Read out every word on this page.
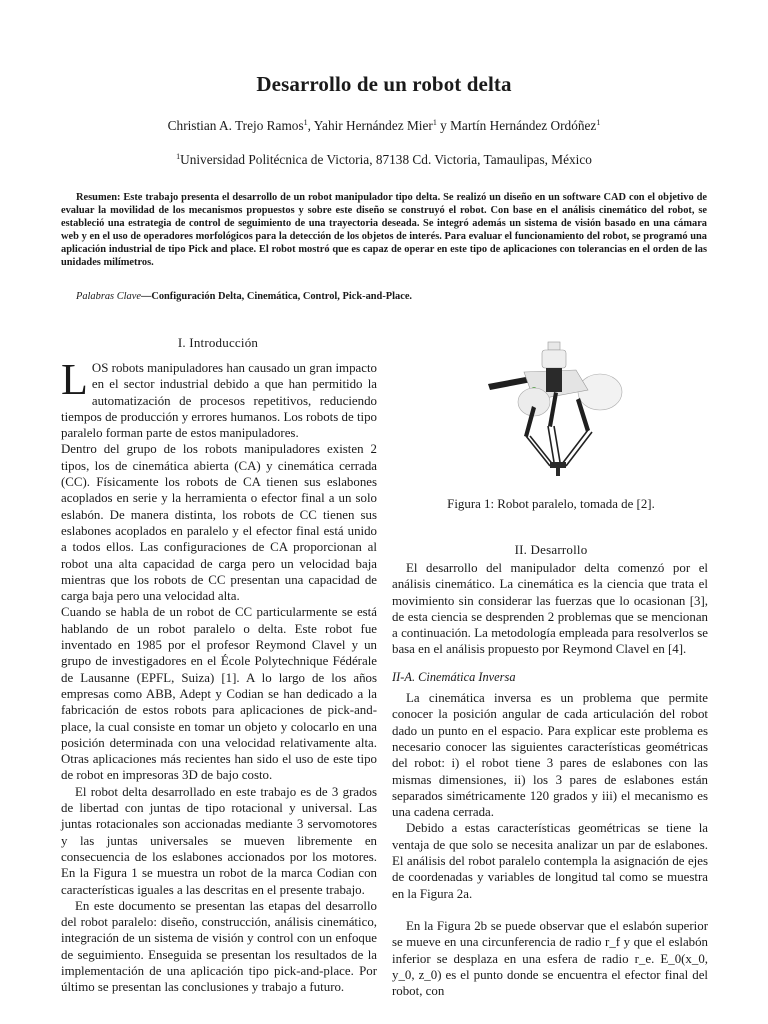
Desarrollo de un robot delta
Christian A. Trejo Ramos$^1$, Yahir Hernández Mier$^1$ y Martín Hernández Ordóñez$^1$
$^1$Universidad Politécnica de Victoria, 87138 Cd. Victoria, Tamaulipas, México
Resumen: Este trabajo presenta el desarrollo de un robot manipulador tipo delta. Se realizó un diseño en un software CAD con el objetivo de evaluar la movilidad de los mecanismos propuestos y sobre este diseño se construyó el robot. Con base en el análisis cinemático del robot, se estableció una estrategia de control de seguimiento de una trayectoria deseada. Se integró además un sistema de visión basado en una cámara web y en el uso de operadores morfológicos para la detección de los objetos de interés. Para evaluar el funcionamiento del robot, se programó una aplicación industrial de tipo Pick and place. El robot mostró que es capaz de operar en este tipo de aplicaciones con tolerancias en el orden de las unidades milímetros.
Palabras Clave—Configuración Delta, Cinemática, Control, Pick-and-Place.
I. Introducción

LOS robots manipuladores han causado un gran impacto en el sector industrial debido a que han permitido la automatización de procesos repetitivos, reduciendo tiempos de producción y errores humanos. Los robots de tipo paralelo forman parte de estos manipuladores.

Dentro del grupo de los robots manipuladores existen 2 tipos, los de cinemática abierta (CA) y cinemática cerrada (CC). Físicamente los robots de CA tienen sus eslabones acoplados en serie y la herramienta o efector final a un solo eslabón. De manera distinta, los robots de CC tienen sus eslabones acoplados en paralelo y el efector final está unido a todos ellos. Las configuraciones de CA proporcionan al robot una alta capacidad de carga pero un velocidad baja mientras que los robots de CC presentan una capacidad de carga baja pero una velocidad alta.

Cuando se habla de un robot de CC particularmente se está hablando de un robot paralelo o delta. Este robot fue inventado en 1985 por el profesor Reymond Clavel y un grupo de investigadores en el École Polytechnique Fédérale de Lausanne (EPFL, Suiza) [1]. A lo largo de los años empresas como ABB, Adept y Codian se han dedicado a la fabricación de estos robots para aplicaciones de pick-and-place, la cual consiste en tomar un objeto y colocarlo en una posición determinada con una velocidad relativamente alta. Otras aplicaciones más recientes han sido el uso de este tipo de robot en impresoras 3D de bajo costo.

El robot delta desarrollado en este trabajo es de 3 grados de libertad con juntas de tipo rotacional y universal. Las juntas rotacionales son accionadas mediante 3 servomotores y las juntas universales se mueven libremente en consecuencia de los eslabones accionados por los motores. En la Figura 1 se muestra un robot de la marca Codian con características iguales a las descritas en el presente trabajo.

En este documento se presentan las etapas del desarrollo del robot paralelo: diseño, construcción, análisis cinemático, integración de un sistema de visión y control con un enfoque de seguimiento. Enseguida se presentan los resultados de la implementación de una aplicación tipo pick-and-place. Por último se presentan las conclusiones y trabajo a futuro.

Figura 1: Robot paralelo, tomada de [2].
II. Desarrollo

El desarrollo del manipulador delta comenzó por el análisis cinemático. La cinemática es la ciencia que trata el movimiento sin considerar las fuerzas que lo ocasionan [3], de esta ciencia se desprenden 2 problemas que se mencionan a continuación. La metodología empleada para resolverlos se basa en el análisis propuesto por Reymond Clavel en [4].

II-A. Cinemática Inversa

La cinemática inversa es un problema que permite conocer la posición angular de cada articulación del robot dado un punto en el espacio. Para explicar este problema es necesario conocer las siguientes características geométricas del robot: i) el robot tiene 3 pares de eslabones con las mismas dimensiones, ii) los 3 pares de eslabones están separados simétricamente 120 grados y iii) el mecanismo es una cadena cerrada.

Debido a estas características geométricas se tiene la ventaja de que solo se necesita analizar un par de eslabones. El análisis del robot paralelo contempla la asignación de ejes de coordenadas y variables de longitud tal como se muestra en la Figura 2a.

En la Figura 2b se puede observar que el eslabón superior se mueve en una circunferencia de radio r_f y que el eslabón inferior se desplaza en una esfera de radio r_e. E_0(x_0, y_0, z_0) es el punto donde se encuentra el efector final del robot, con
